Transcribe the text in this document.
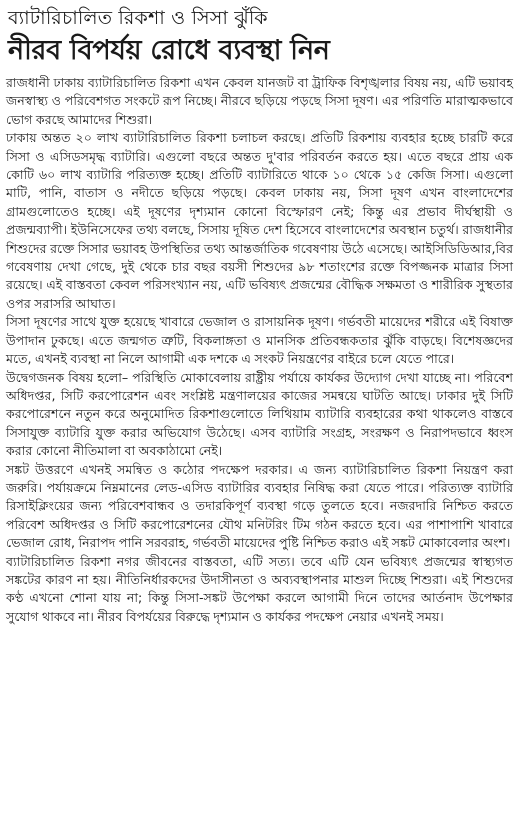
ব্যাটারিচালিত রিকশা ও সিসা ঝুঁকি
নীরব বিপর্যয় রোধে ব্যবস্থা নিন

রাজধানী ঢাকায় ব্যাটারিচালিত রিকশা এখন কেবল যানজট বা ট্রাফিক বিশৃঙ্খলার বিষয় নয়, এটি ভয়াবহ জনস্বাস্থ্য ও পরিবেশগত সংকটে রূপ নিচ্ছে। নীরবে ছড়িয়ে পড়ছে সিসা দূষণ। এর পরিণতি মারাত্মকভাবে ভোগ করছে আমাদের শিশুরা।

ঢাকায় অন্তত ২০ লাখ ব্যাটারিচালিত রিকশা চলাচল করছে। প্রতিটি রিকশায় ব্যবহার হচ্ছে চারটি করে সিসা ও এসিডসমৃদ্ধ ব্যাটারি। এগুলো বছরে অন্তত দু'বার পরিবর্তন করতে হয়। এতে বছরে প্রায় এক কোটি ৬০ লাখ ব্যাটারি পরিত্যক্ত হচ্ছে। প্রতিটি ব্যাটারিতে থাকে ১০ থেকে ১৫ কেজি সিসা। এগুলো মাটি, পানি, বাতাস ও নদীতে ছড়িয়ে পড়ছে। কেবল ঢাকায় নয়, সিসা দূষণ এখন বাংলাদেশের গ্রামগুলোতেও হচ্ছে। এই দূষণের দৃশ্যমান কোনো বিস্ফোরণ নেই; কিন্তু এর প্রভাব দীর্ঘস্থায়ী ও প্রজন্মব্যাপী। ইউনিসেফের তথ্য বলছে, সিসায় দূষিত দেশ হিসেবে বাংলাদেশের অবস্থান চতুর্থ। রাজধানীর শিশুদের রক্তে সিসার ভয়াবহ উপস্থিতির তথ্য আন্তর্জাতিক গবেষণায় উঠে এসেছে। আইসিডিডিআর,বির গবেষণায় দেখা গেছে, দুই থেকে চার বছর বয়সী শিশুদের ৯৮ শতাংশের রক্তে বিপজ্জনক মাত্রার সিসা রয়েছে। এই বাস্তবতা কেবল পরিসংখ্যান নয়, এটি ভবিষ্যৎ প্রজন্মের বৌদ্ধিক সক্ষমতা ও শারীরিক সুস্থতার ওপর সরাসরি আঘাত।

সিসা দূষণের সাথে যুক্ত হয়েছে খাবারে ভেজাল ও রাসায়নিক দূষণ। গর্ভবতী মায়েদের শরীরে এই বিষাক্ত উপাদান ঢুকছে। এতে জন্মগত ত্রুটি, বিকলাঙ্গতা ও মানসিক প্রতিবন্ধকতার ঝুঁকি বাড়ছে। বিশেষজ্ঞদের মতে, এখনই ব্যবস্থা না নিলে আগামী এক দশকে এ সংকট নিয়ন্ত্রণের বাইরে চলে যেতে পারে।

উদ্বেগজনক বিষয় হলো– পরিস্থিতি মোকাবেলায় রাষ্ট্রীয় পর্যায়ে কার্যকর উদ্যোগ দেখা যাচ্ছে না। পরিবেশ অধিদপ্তর, সিটি করপোরেশন এবং সংশ্লিষ্ট মন্ত্রণালয়ের কাজের সমন্বয়ে ঘাটতি আছে। ঢাকার দুই সিটি করপোরেশনে নতুন করে অনুমোদিত রিকশাগুলোতে লিথিয়াম ব্যাটারি ব্যবহারের কথা থাকলেও বাস্তবে সিসাযুক্ত ব্যাটারি যুক্ত করার অভিযোগ উঠেছে। এসব ব্যাটারি সংগ্রহ, সংরক্ষণ ও নিরাপদভাবে ধ্বংস করার কোনো নীতিমালা বা অবকাঠামো নেই।

সঙ্কট উত্তরণে এখনই সমন্বিত ও কঠোর পদক্ষেপ দরকার। এ জন্য ব্যাটারিচালিত রিকশা নিয়ন্ত্রণ করা জরুরি। পর্যায়ক্রমে নিম্নমানের লেড-এসিড ব্যাটারির ব্যবহার নিষিদ্ধ করা যেতে পারে। পরিত্যক্ত ব্যাটারি রিসাইক্লিংয়ের জন্য পরিবেশবান্ধব ও তদারকিপূর্ণ ব্যবস্থা গড়ে তুলতে হবে। নজরদারি নিশ্চিত করতে পরিবেশ অধিদপ্তর ও সিটি করপোরেশনের যৌথ মনিটরিং টিম গঠন করতে হবে। এর পাশাপাশি খাবারে ভেজাল রোধ, নিরাপদ পানি সরবরাহ, গর্ভবতী মায়েদের পুষ্টি নিশ্চিত করাও এই সঙ্কট মোকাবেলার অংশ।

ব্যাটারিচালিত রিকশা নগর জীবনের বাস্তবতা, এটি সত্য। তবে এটি যেন ভবিষ্যৎ প্রজন্মের স্বাস্থ্যগত সঙ্কটের কারণ না হয়। নীতিনির্ধারকদের উদাসীনতা ও অব্যবস্থাপনার মাশুল দিচ্ছে শিশুরা। এই শিশুদের কণ্ঠ এখনো শোনা যায় না; কিন্তু সিসা-সঙ্কট উপেক্ষা করলে আগামী দিনে তাদের আর্তনাদ উপেক্ষার সুযোগ থাকবে না। নীরব বিপর্যয়ের বিরুদ্ধে দৃশ্যমান ও কার্যকর পদক্ষেপ নেয়ার এখনই সময়।
